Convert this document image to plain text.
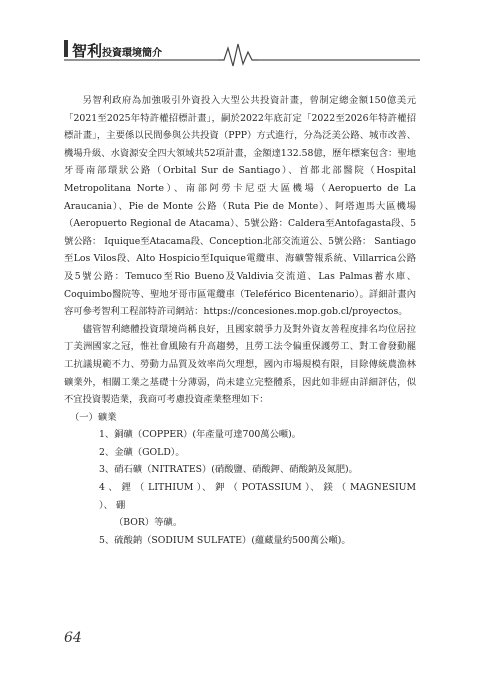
智利投資環境簡介

另智利政府為加強吸引外資投入大型公共投資計畫，曾制定總金額150億美元「2021至2025年特許權招標計畫」，嗣於2022年底訂定「2022至2026年特許權招標計畫」，主要係以民間參與公共投資（PPP）方式進行，分為泛美公路、城市改善、機場升級、水資源安全四大領域共52項計畫，金額達132.58億，歷年標案包含：聖地牙哥南部環狀公路（Orbital Sur de Santiago）、首都北部醫院（Hospital Metropolitana Norte）、南部阿勞卡尼亞大區機場（Aeropuerto de La Araucania）、Pie de Monte 公路（Ruta Pie de Monte）、阿塔迦馬大區機場（Aeropuerto Regional de Atacama）、5號公路：Caldera至Antofagasta段、5號公路： Iquique至Atacama段、Conception北部交流道公、5號公路： Santiago至Los Vilos段、Alto Hospicio至Iquique電纜車、海礦警報系統、Villarrica公路及5號公路：Temuco至Rio Bueno及Valdivia交流道、Las Palmas蓄水庫、Coquimbo醫院等、聖地牙哥市區電纜車（Teleférico Bicentenario）。詳細計畫內容可參考智利工程部特許司網站：https://concesiones.mop.gob.cl/proyectos。

儘管智利總體投資環境尚稱良好，且國家競爭力及對外資友善程度排名均位居拉丁美洲國家之冠，惟社會風險有升高趨勢，且勞工法令偏重保護勞工、對工會發動罷工抗議規範不力、勞動力品質及效率尚欠理想，國內市場規模有限，目除傳統農漁林礦業外，相關工業之基礎十分薄弱，尚未建立完整體系，因此如非經由詳細評估，似不宜投資製造業，我商可考慮投資產業整理如下：

（一）礦業

1、銅礦（COPPER）(年產量可達700萬公噸)。

2、金礦（GOLD）。

3、硝石礦（NITRATES）(硝酸鹽、硝酸鉀、硝酸鈉及氮肥)。

4 、 鋰 （ LITHIUM ）、 鉀 （ POTASSIUM ）、 鎂 （ MAGNESIUM ）、 硼

（BOR）等礦。

5、硫酸鈉（SODIUM SULFATE）(蘊藏量約500萬公噸)。

64
